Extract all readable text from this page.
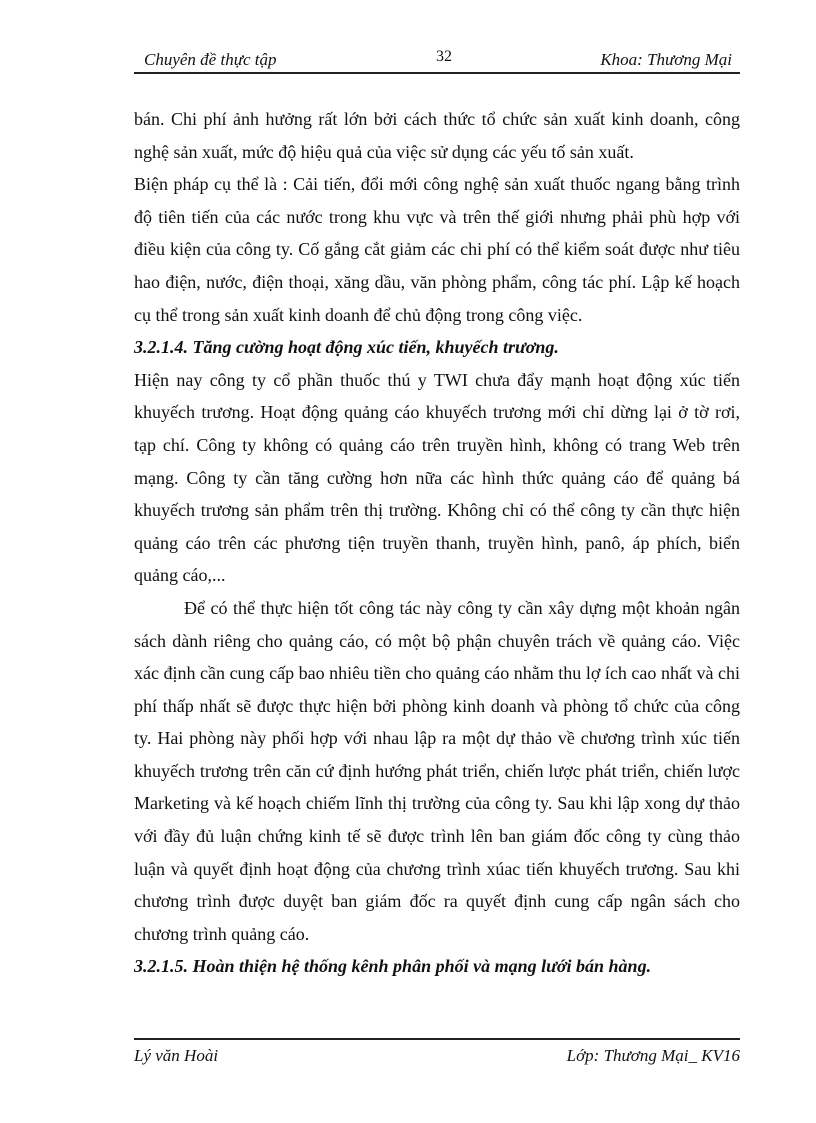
Chuyên đề thực tập	32	Khoa: Thương Mại

bán. Chi phí ảnh hưởng rất lớn bởi cách thức tổ chức sản xuất kinh doanh, công nghệ sản xuất, mức độ hiệu quả của việc sử dụng các yếu tố sản xuất.

Biện pháp cụ thể là : Cải tiến, đổi mới công nghệ sản xuất thuốc ngang bằng trình độ tiên tiến của các nước trong khu vực và trên thế giới nhưng phải phù hợp với điều kiện của công ty. Cố gắng cắt giảm các chi phí có thể kiểm soát được như tiêu hao điện, nước, điện thoại, xăng dầu, văn phòng phẩm, công tác phí. Lập kế hoạch cụ thể trong sản xuất kinh doanh để chủ động trong công việc.

3.2.1.4. Tăng cường hoạt động xúc tiến, khuyếch trương.

Hiện nay công ty cổ phần thuốc thú y TWI chưa đẩy mạnh hoạt động xúc tiến khuyếch trương. Hoạt động quảng cáo khuyếch trương mới chỉ dừng lại ở tờ rơi, tạp chí. Công ty không có quảng cáo trên truyền hình, không có trang Web trên mạng. Công ty cần tăng cường hơn nữa các hình thức quảng cáo để quảng bá khuyếch trương sản phẩm trên thị trường. Không chỉ có thể công ty cần thực hiện quảng cáo trên các phương tiện truyền thanh, truyền hình, panô, áp phích, biển quảng cáo,...

Để có thể thực hiện tốt công tác này công ty cần xây dựng một khoản ngân sách dành riêng cho quảng cáo, có một bộ phận chuyên trách về quảng cáo. Việc xác định cần cung cấp bao nhiêu tiền cho quảng cáo nhằm thu lợ ích cao nhất và chi phí thấp nhất sẽ được thực hiện bởi phòng kinh doanh và phòng tổ chức của công ty. Hai phòng này phối hợp với nhau lập ra một dự thảo về chương trình xúc tiến khuyếch trương trên căn cứ định hướng phát triển, chiến lược phát triển, chiến lược Marketing và kế hoạch chiếm lĩnh thị trường của công ty. Sau khi lập xong dự thảo với đầy đủ luận chứng kinh tế sẽ được trình lên ban giám đốc công ty cùng thảo luận và quyết định hoạt động của chương trình xúac tiến khuyếch trương. Sau khi chương trình được duyệt ban giám đốc ra quyết định cung cấp ngân sách cho chương trình quảng cáo.

3.2.1.5. Hoàn thiện hệ thống kênh phân phối và mạng lưới bán hàng.
Lý văn Hoài	Lớp: Thương Mại_ KV16
